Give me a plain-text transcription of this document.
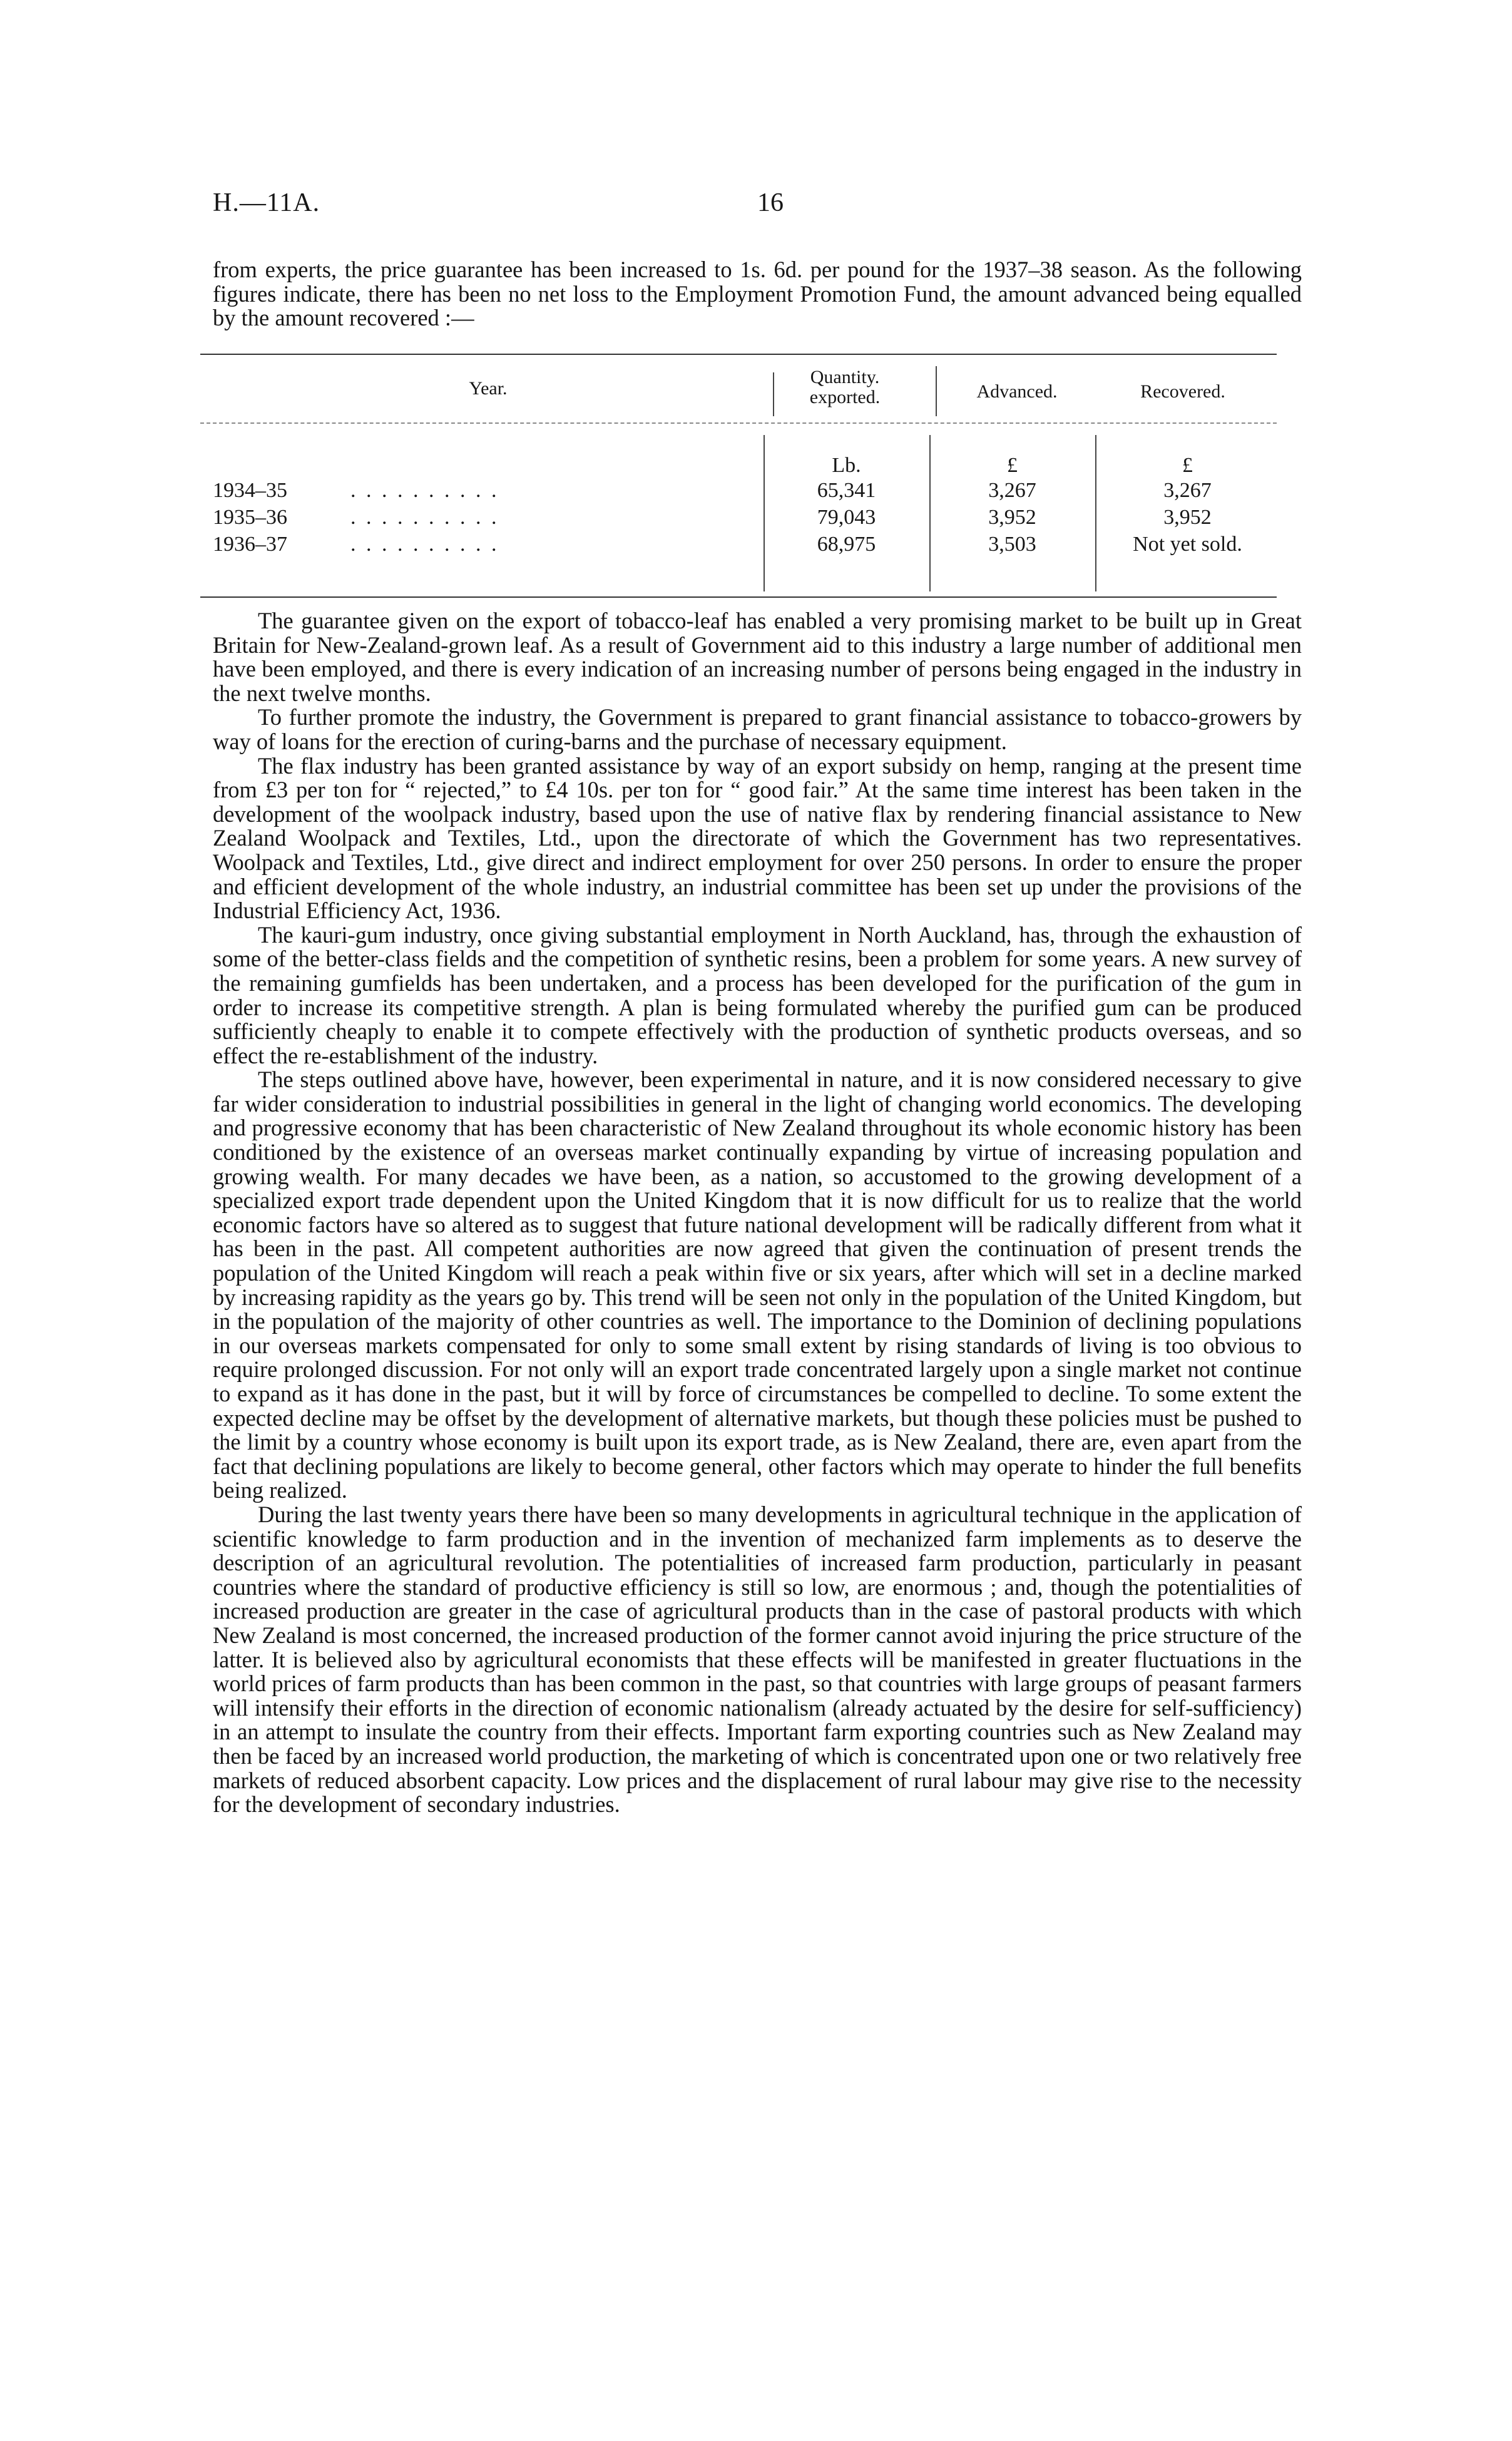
H.—11A.	16

from experts, the price guarantee has been increased to 1s. 6d. per pound for the 1937–38 season. As the following figures indicate, there has been no net loss to the Employment Promotion Fund, the amount advanced being equalled by the amount recovered :—

Year.
Quantity. exported.	Advanced.	Recovered.
Lb.	£	£
1934–35	. . . . . . . . . .	65,341	3,267	3,267
1935–36	. . . . . . . . . .	79,043	3,952	3,952
1936–37	. . . . . . . . . .	68,975	3,503	Not yet sold.

The guarantee given on the export of tobacco-leaf has enabled a very promising market to be built up in Great Britain for New-Zealand-grown leaf. As a result of Government aid to this industry a large number of additional men have been employed, and there is every indication of an increasing number of persons being engaged in the industry in the next twelve months.

To further promote the industry, the Government is prepared to grant financial assistance to tobacco-growers by way of loans for the erection of curing-barns and the purchase of necessary equipment.

The flax industry has been granted assistance by way of an export subsidy on hemp, ranging at the present time from £3 per ton for “ rejected,” to £4 10s. per ton for “ good fair.” At the same time interest has been taken in the development of the woolpack industry, based upon the use of native flax by rendering financial assistance to New Zealand Woolpack and Textiles, Ltd., upon the directorate of which the Government has two representatives. Woolpack and Textiles, Ltd., give direct and indirect employment for over 250 persons. In order to ensure the proper and efficient development of the whole industry, an industrial committee has been set up under the provisions of the Industrial Efficiency Act, 1936.

The kauri-gum industry, once giving substantial employment in North Auckland, has, through the exhaustion of some of the better-class fields and the competition of synthetic resins, been a problem for some years. A new survey of the remaining gumfields has been undertaken, and a process has been developed for the purification of the gum in order to increase its competitive strength. A plan is being formulated whereby the purified gum can be produced sufficiently cheaply to enable it to compete effectively with the production of synthetic products overseas, and so effect the re-establishment of the industry.

The steps outlined above have, however, been experimental in nature, and it is now considered necessary to give far wider consideration to industrial possibilities in general in the light of changing world economics. The developing and progressive economy that has been characteristic of New Zealand throughout its whole economic history has been conditioned by the existence of an overseas market continually expanding by virtue of increasing population and growing wealth. For many decades we have been, as a nation, so accustomed to the growing development of a specialized export trade dependent upon the United Kingdom that it is now difficult for us to realize that the world economic factors have so altered as to suggest that future national development will be radically different from what it has been in the past. All competent authorities are now agreed that given the continuation of present trends the population of the United Kingdom will reach a peak within five or six years, after which will set in a decline marked by increasing rapidity as the years go by. This trend will be seen not only in the population of the United Kingdom, but in the population of the majority of other countries as well. The importance to the Dominion of declining populations in our overseas markets compensated for only to some small extent by rising standards of living is too obvious to require prolonged discussion. For not only will an export trade concentrated largely upon a single market not continue to expand as it has done in the past, but it will by force of circumstances be compelled to decline. To some extent the expected decline may be offset by the development of alternative markets, but though these policies must be pushed to the limit by a country whose economy is built upon its export trade, as is New Zealand, there are, even apart from the fact that declining populations are likely to become general, other factors which may operate to hinder the full benefits being realized.

During the last twenty years there have been so many developments in agricultural technique in the application of scientific knowledge to farm production and in the invention of mechanized farm implements as to deserve the description of an agricultural revolution. The potentialities of increased farm production, particularly in peasant countries where the standard of productive efficiency is still so low, are enormous ; and, though the potentialities of increased production are greater in the case of agricultural products than in the case of pastoral products with which New Zealand is most concerned, the increased production of the former cannot avoid injuring the price structure of the latter. It is believed also by agricultural economists that these effects will be manifested in greater fluctuations in the world prices of farm products than has been common in the past, so that countries with large groups of peasant farmers will intensify their efforts in the direction of economic nationalism (already actuated by the desire for self-sufficiency) in an attempt to insulate the country from their effects. Important farm exporting countries such as New Zealand may then be faced by an increased world production, the marketing of which is concentrated upon one or two relatively free markets of reduced absorbent capacity. Low prices and the displacement of rural labour may give rise to the necessity for the development of secondary industries.
